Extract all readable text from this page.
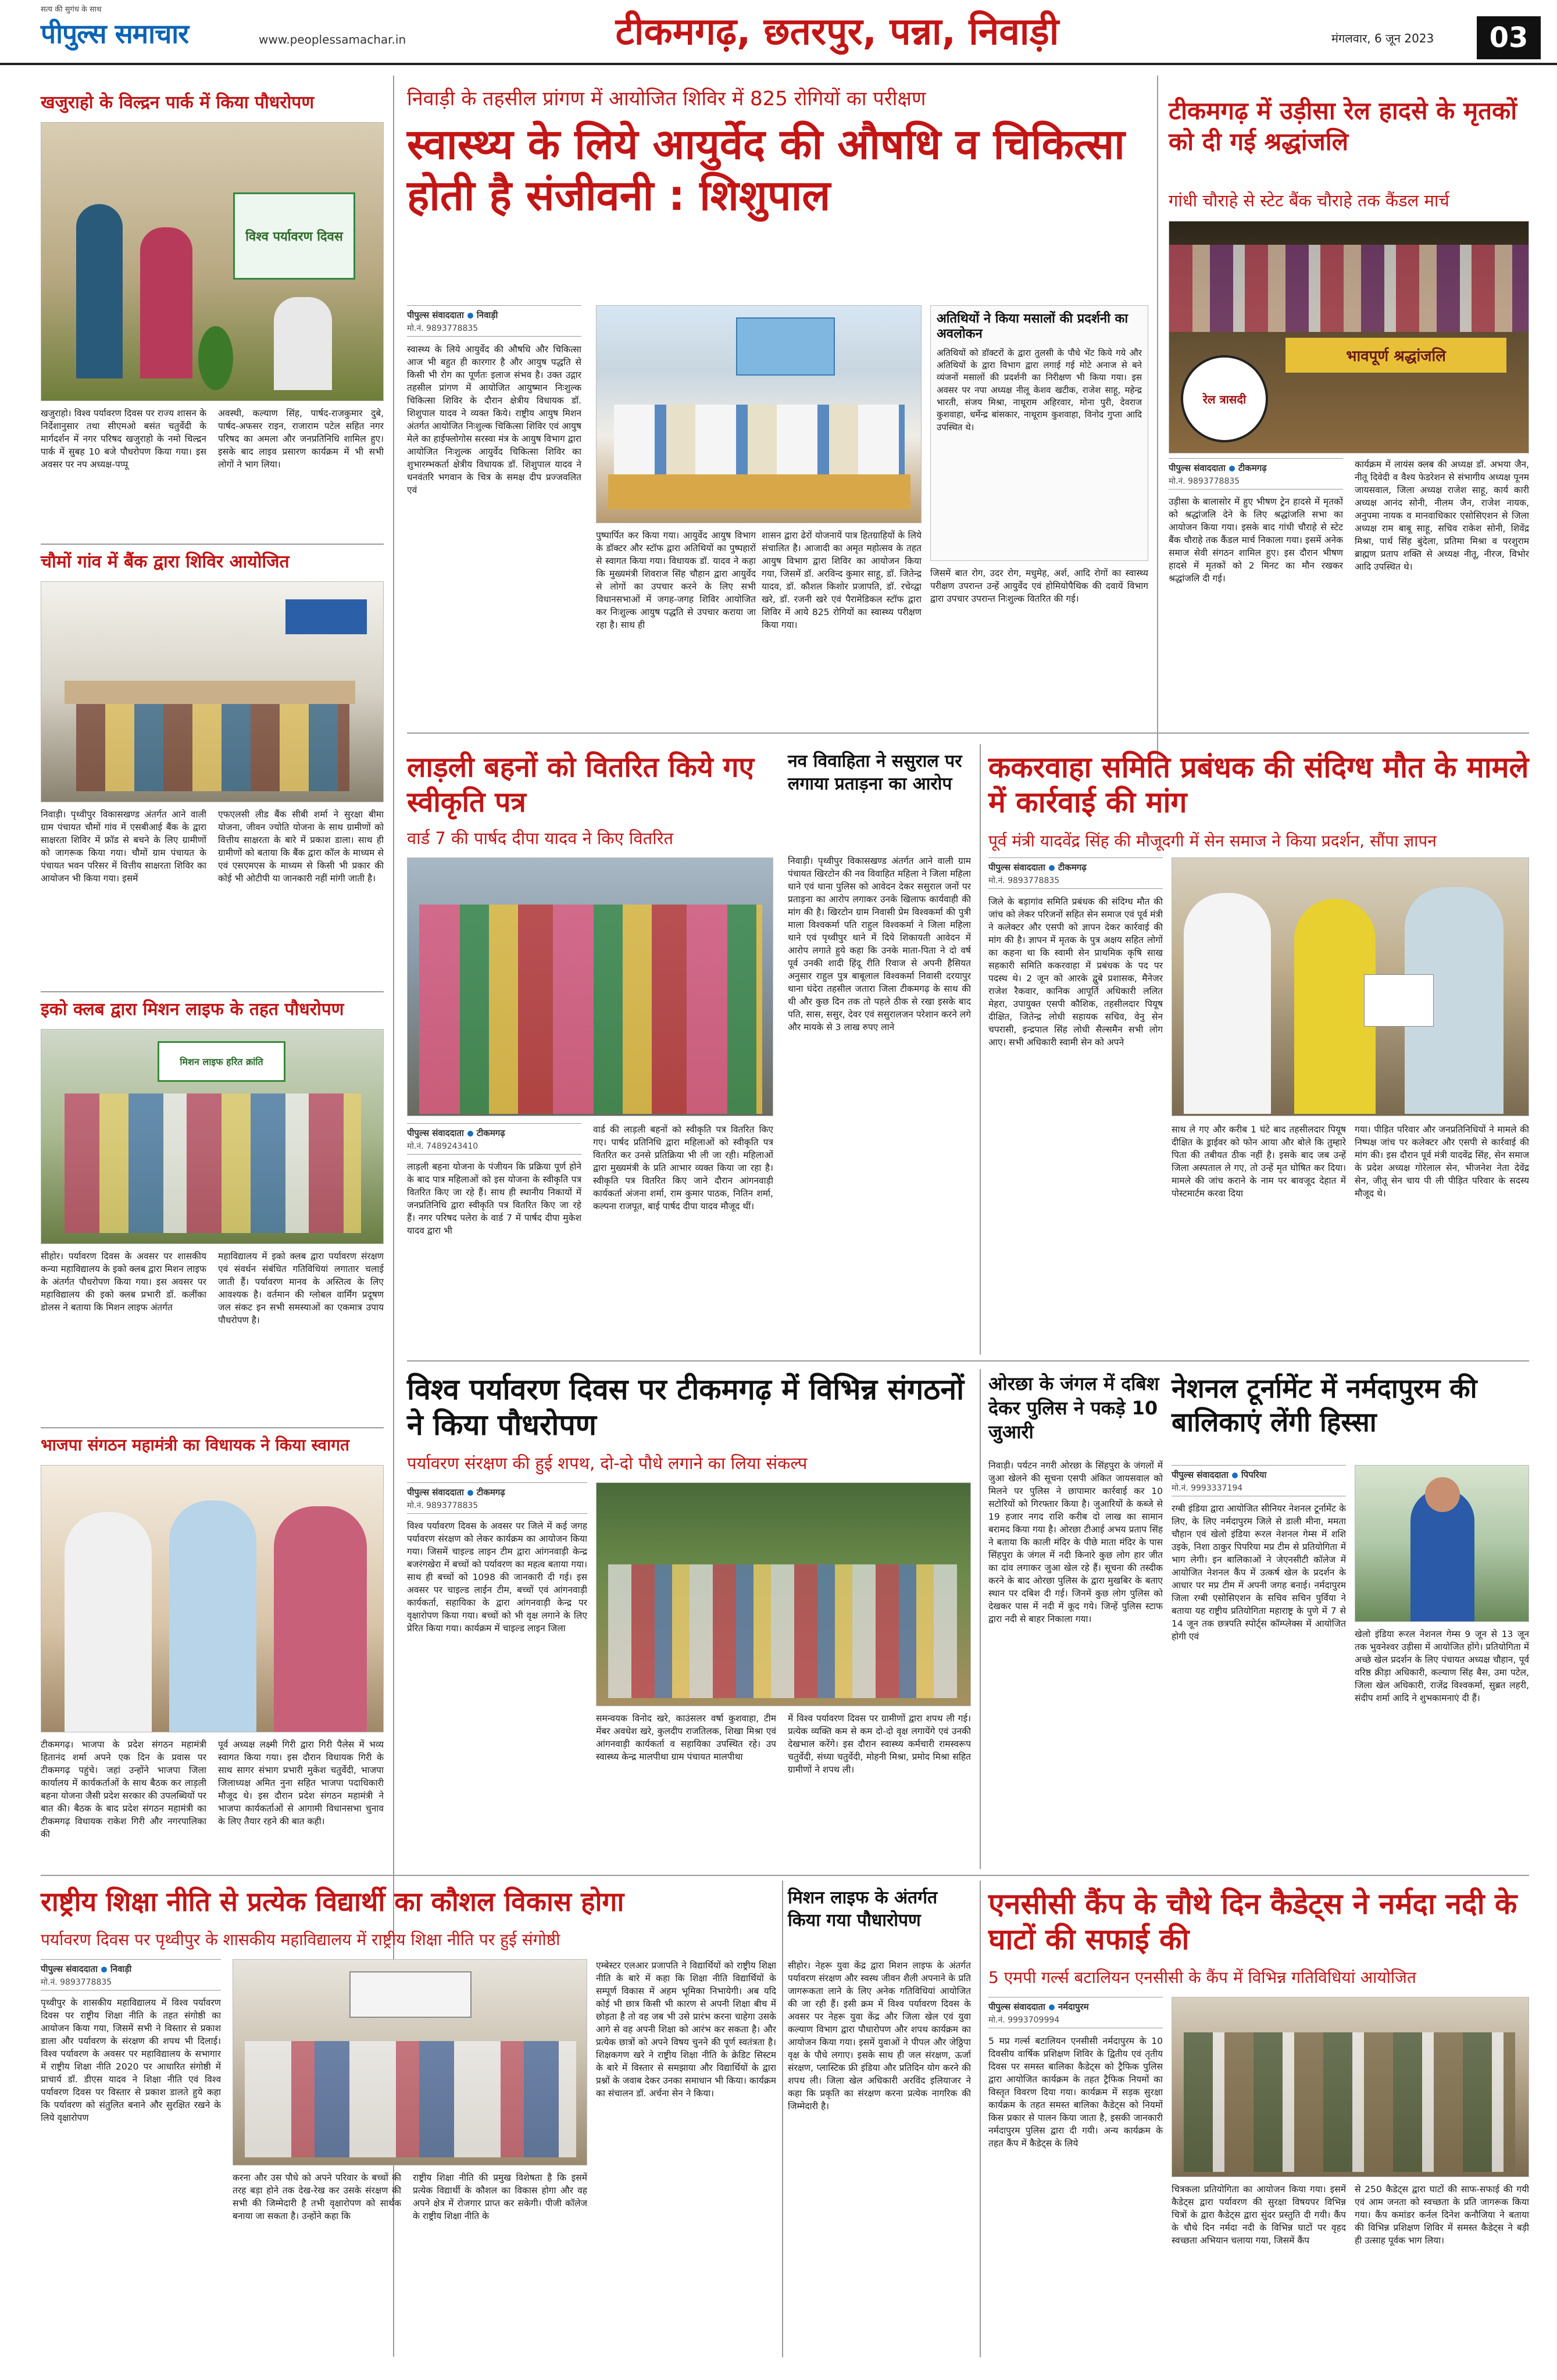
सत्य की सुगंध के साथ
पीपुल्स समाचार	www.peoplessamachar.in	टीकमगढ़, छतरपुर, पन्ना, निवाड़ी	मंगलवार, 6 जून 2023	03
खजुराहो के विल्द्रन पार्क में किया पौधरोपण
विश्व पर्यावरण दिवस
खजुराहो। विश्व पर्यावरण दिवस पर राज्य शासन के निर्देशानुसार तथा सीएमओ बसंत चतुर्वेदी के मार्गदर्शन में नगर परिषद खजुराहो के नमो चिल्द्रन पार्क में सुबह 10 बजे पौधरोपण किया गया। इस अवसर पर नप अध्यक्ष-पप्पू
अवस्थी, कल्याण सिंह, पार्षद-राजकुमार दुबे, पार्षद-अफसर राइन, राजाराम पटेल सहित नगर परिषद का अमला और जनप्रतिनिधि शामिल हुए। इसके बाद लाइव प्रसारण कार्यक्रम में भी सभी लोगों ने भाग लिया।
चौमों गांव में बैंक द्वारा शिविर आयोजित
निवाड़ी। पृथ्वीपुर विकासखण्ड अंतर्गत आने वाली ग्राम पंचायत चौमों गांव में एसबीआई बैंक के द्वारा साक्षरता शिविर में फ्रॉड से बचने के लिए ग्रामीणों को जागरूक किया गया। चौमों ग्राम पंचायत के पंचायत भवन परिसर में वित्तीय साक्षरता शिविर का आयोजन भी किया गया। इसमें
एफएलसी लीड बैंक सीबी शर्मा ने सुरक्षा बीमा योजना, जीवन ज्योति योजना के साथ ग्रामीणों को वित्तीय साक्षरता के बारे में प्रकाश डाला। साथ ही ग्रामीणों को बताया कि बैंक द्वारा कॉल के माध्यम से एवं एसएमएस के माध्यम से किसी भी प्रकार की कोई भी ओटीपी या जानकारी नहीं मांगी जाती है।
इको क्लब द्वारा मिशन लाइफ के तहत पौधरोपण
मिशन लाइफ हरित क्रांति
सीहोर। पर्यावरण दिवस के अवसर पर शासकीय कन्या महाविद्यालय के इको क्लब द्वारा मिशन लाइफ के अंतर्गत पौधरोपण किया गया। इस अवसर पर महाविद्यालय की इको क्लब प्रभारी डॉ. कलींका डोलस ने बताया कि मिशन लाइफ अंतर्गत
महाविद्यालय में इको क्लब द्वारा पर्यावरण संरक्षण एवं संवर्धन संबंधित गतिविधियां लगातार चलाई जाती हैं। पर्यावरण मानव के अस्तित्व के लिए आवश्यक है। वर्तमान की ग्लोबल वार्मिंग प्रदूषण जल संकट इन सभी समस्याओं का एकमात्र उपाय पौधरोपण है।
भाजपा संगठन महामंत्री का विधायक ने किया स्वागत
टीकमगढ़। भाजपा के प्रदेश संगठन महामंत्री हितानंद शर्मा अपने एक दिन के प्रवास पर टीकमगढ़ पहुंचे। जहां उन्होंने भाजपा जिला कार्यालय में कार्यकर्ताओं के साथ बैठक कर लाड़ली बहना योजना जैसी प्रदेश सरकार की उपलब्धियों पर बात की। बैठक के बाद प्रदेश संगठन महामंत्री का टीकमगढ़ विधायक राकेश गिरी और नगरपालिका की
पूर्व अध्यक्ष लक्ष्मी गिरी द्वारा गिरी पैलेस में भव्य स्वागत किया गया। इस दौरान विधायक गिरी के साथ सागर संभाग प्रभारी मुकेश चतुर्वेदी, भाजपा जिलाध्यक्ष अमित नुना सहित भाजपा पदाधिकारी मौजूद थे। इस दौरान प्रदेश संगठन महामंत्री ने भाजपा कार्यकर्ताओं से आगामी विधानसभा चुनाव के लिए तैयार रहने की बात कही।
निवाड़ी के तहसील प्रांगण में आयोजित शिविर में 825 रोगियों का परीक्षण
स्वास्थ्य के लिये आयुर्वेद की औषधि व चिकित्सा होती है संजीवनी : शिशुपाल
पीपुल्स संवाददाता निवाड़ी
मो.नं. 9893778835
स्वास्थ्य के लिये आयुर्वेद की औषधि और चिकित्सा आज भी बहुत ही कारगार है और आयुष पद्धति से किसी भी रोग का पूर्णतः इलाज संभव है। उक्त उद्गार तहसील प्रांगण में आयोजित आयुष्मान निःशुल्क चिकित्सा शिविर के दौरान क्षेत्रीय विधायक डॉ. शिशुपाल यादव ने व्यक्त किये। राष्ट्रीय आयुष मिशन अंतर्गत आयोजित निःशुल्क चिकित्सा शिविर एवं आयुष मेले का हाईफ्लोगोस सरस्वा मंत्र के आयुष विभाग द्वारा आयोजित निःशुल्क आयुर्वेद चिकित्सा शिविर का शुभारम्भकर्ता क्षेत्रीय विधायक डॉ. शिशुपाल यादव ने धनवंतरि भगवान के चित्र के समक्ष दीप प्रज्जवलित एवं
पुष्पार्पित कर किया गया। आयुर्वेद आयुष विभाग के डॉक्टर और स्टॉफ द्वारा अतिथियों का पुष्पहारों से स्वागत किया गया। विधायक डॉ. यादव ने कहा कि मुख्यमंत्री शिवराज सिंह चौहान द्वारा आयुर्वेद से लोगों का उपचार करने के लिए सभी विधानसभाओं में जगह-जगह शिविर आयोजित कर निःशुल्क आयुष पद्धति से उपचार कराया जा रहा है। साथ ही
शासन द्वारा ढेरों योजनायें पात्र हितग्राहियों के लिये संचालित है। आजादी का अमृत महोत्सव के तहत आयुष विभाग द्वारा शिविर का आयोजन किया गया, जिसमें डॉ. अरविन्द कुमार साहू, डॉ. जितेन्द्र यादव, डॉ. कौशल किशोर प्रजापति, डॉ. रचेव्द्वा खरे, डॉ. रजनी खरे एवं पैरामेडिकल स्टॉफ द्वारा शिविर में आये 825 रोगियों का स्वास्थ्य परीक्षण किया गया।
अतिथियों ने किया मसालों की प्रदर्शनी का अवलोकन
अतिथियों को डॉक्टरों के द्वारा तुलसी के पौधे भेंट किये गये और अतिथियों के द्वारा विभाग द्वारा लगाई गई मोटे अनाज से बने व्यंजनों मसालों की प्रदर्शनी का निरीक्षण भी किया गया। इस अवसर पर नपा अध्यक्ष नीलू केशव खटीक, राजेश साहू, महेन्द्र भारती, संजय मिश्रा, नाथूराम अहिरवार, मोना पुरी, देवराज कुशवाहा, धर्मेन्द्र बांसकार, नाथूराम कुशवाहा, विनोद गुप्ता आदि उपस्थित थे।
जिसमें बात रोग, उदर रोग, मधुमेह, अर्श, आदि रोगों का स्वास्थ्य परीक्षण उपरान्त उन्हें आयुर्वेद एवं होमियोपैथिक की दवायें विभाग द्वारा उपचार उपरान्त निःशुल्क वितरित की गई।
टीकमगढ़ में उड़ीसा रेल हादसे के मृतकों को दी गई श्रद्धांजलि
गांधी चौराहे से स्टेट बैंक चौराहे तक कैंडल मार्च
भावपूर्ण श्रद्धांजलि
रेल त्रासदी
पीपुल्स संवाददाता टीकमगढ़
मो.नं. 9893778835
उड़ीसा के बालासोर में हुए भीषण ट्रेन हादसे में मृतकों को श्रद्धांजलि देने के लिए श्रद्धांजलि सभा का आयोजन किया गया। इसके बाद गांधी चौराहे से स्टेट बैंक चौराहे तक कैंडल मार्च निकाला गया। इसमें अनेक समाज सेवी संगठन शामिल हुए। इस दौरान भीषण हादसे में मृतकों को 2 मिनट का मौन रखकर श्रद्धांजलि दी गई।
कार्यक्रम में लायंस क्लब की अध्यक्ष डॉ. अभया जैन, नीतू दिवेदी व वैश्य फेडरेशन से संभागीय अध्यक्ष पूनम जायसवाल, जिला अध्यक्ष राजेश साहू, कार्य कारी अध्यक्ष आनंद सोनी, नीलम जैन, राजेश नायक, अनुपमा नायक व मानवाधिकार एसोसिएशन से जिला अध्यक्ष राम बाबू साहू, सचिव राकेश सोनी, शिवेंद्र मिश्रा, पार्थ सिंह बुंदेला, प्रतिमा मिश्रा व परशुराम ब्राह्मण प्रताप शक्ति से अध्यक्ष नीतू, नीरज, विभोर आदि उपस्थित थे।
लाड़ली बहनों को वितरित किये गए स्वीकृति पत्र
वार्ड 7 की पार्षद दीपा यादव ने किए वितरित
पीपुल्स संवाददाता टीकमगढ़
मो.नं. 7489243410
लाड़ली बहना योजना के पंजीयन कि प्रक्रिया पूर्ण होने के बाद पात्र महिलाओं को इस योजना के स्वीकृति पत्र वितरित किए जा रहे हैं। साथ ही स्थानीय निकायों में जनप्रतिनिधि द्वारा स्वीकृति पत्र वितरित किए जा रहे हैं। नगर परिषद पलेरा के वार्ड 7 में पार्षद दीपा मुकेश यादव द्वारा भी
वार्ड की लाड़ली बहनों को स्वीकृति पत्र वितरित किए गए। पार्षद प्रतिनिधि द्वारा महिलाओं को स्वीकृति पत्र वितरित कर उनसे प्रतिक्रिया भी ली जा रही। महिलाओं द्वारा मुख्यमंत्री के प्रति आभार व्यक्त किया जा रहा है। स्वीकृति पत्र वितरित किए जाने दौरान आंगनवाड़ी कार्यकर्ता अंजना शर्मा, राम कुमार पाठक, नितिन शर्मा, कल्पना राजपूत, बाई पार्षद दीपा यादव मौजूद थीं।
नव विवाहिता ने ससुराल पर लगाया प्रताड़ना का आरोप
निवाड़ी। पृथ्वीपुर विकासखण्ड अंतर्गत आने वाली ग्राम पंचायत खिरटोन की नव विवाहित महिला ने जिला महिला थाने एवं थाना पुलिस को आवेदन देकर ससुराल जनों पर प्रताड़ना का आरोप लगाकर उनके खिलाफ कार्यवाही की मांग की है। खिरटोन ग्राम निवासी प्रेम विश्वकर्मा की पुत्री माला विश्वकर्मा पति राहुल विश्वकर्मा ने जिला महिला थाने एवं पृथ्वीपुर थाने में दिये शिकायती आवेदन में आरोप लगाते हुये कहा कि उनके माता-पिता ने दो वर्ष पूर्व उनकी शादी हिंदू रीति रिवाज से अपनी हैसियत अनुसार राहुल पुत्र बाबूलाल विश्वकर्मा निवासी दरयापुर थाना घंदेरा तहसील जतारा जिला टीकमगढ़ के साथ की थी और कुछ दिन तक तो पहले ठीक से रखा इसके बाद पति, सास, ससुर, देवर एवं ससुरालजन परेशान करने लगे और मायके से 3 लाख रुपए लाने
ककरवाहा समिति प्रबंधक की संदिग्ध मौत के मामले में कार्रवाई की मांग
पूर्व मंत्री यादवेंद्र सिंह की मौजूदगी में सेन समाज ने किया प्रदर्शन, सौंपा ज्ञापन
पीपुल्स संवाददाता टीकमगढ़
मो.नं. 9893778835
जिले के बड़ागांव समिति प्रबंधक की संदिग्ध मौत की जांच को लेकर परिजनों सहित सेन समाज एवं पूर्व मंत्री ने कलेक्टर और एसपी को ज्ञापन देकर कार्रवाई की मांग की है। ज्ञापन में मृतक के पुत्र अक्षय सहित लोगों का कहना था कि स्वामी सेन प्राथमिक कृषि साख सहकारी समिति ककरवाहा में प्रबंधक के पद पर पदस्थ थे। 2 जून को आरके द्वुबे प्रशासक, मैनेजर राजेश रैकवार, कानिक आपूर्ति अधिकारी ललित मेहरा, उपायुक्त एसपी कौशिक, तहसीलदार पियूष दीक्षित, जितेन्द्र लोधी सहायक सचिव, वेनु सेन चपरासी, इन्द्रपाल सिंह लोधी सैल्समैन सभी लोग आए। सभी अधिकारी स्वामी सेन को अपने
साथ ले गए और करीब 1 घंटे बाद तहसीलदार पियूष दीक्षित के ड्राईवर को फोन आया और बोले कि तुम्हारे पिता की तबीयत ठीक नहीं है। इसके बाद जब उन्हें जिला अस्पताल ले गए, तो उन्हें मृत घोषित कर दिया। मामले की जांच कराने के नाम पर बावजूद देहात में पोस्टमार्टम करवा दिया
गया। पीड़ित परिवार और जनप्रतिनिधियों ने मामले की निष्पक्ष जांच पर कलेक्टर और एसपी से कार्रवाई की मांग की। इस दौरान पूर्व मंत्री यादवेंद्र सिंह, सेन समाज के प्रदेश अध्यक्ष गोरेलाल सेन, भीजनेश नेता देवेंद्र सेन, जीतू सेन चाय पी ली पीड़ित परिवार के सदस्य मौजूद थे।
विश्व पर्यावरण दिवस पर टीकमगढ़ में विभिन्न संगठनों ने किया पौधरोपण
पर्यावरण संरक्षण की हुई शपथ, दो-दो पौधे लगाने का लिया संकल्प
पीपुल्स संवाददाता टीकमगढ़
मो.नं. 9893778835
विश्व पर्यावरण दिवस के अवसर पर जिले में कई जगह पर्यावरण संरक्षण को लेकर कार्यक्रम का आयोजन किया गया। जिसमें चाइल्ड लाइन टीम द्वारा आंगनवाड़ी केन्द्र बजरंगखेरा में बच्चों को पर्यावरण का महत्व बताया गया। साथ ही बच्चों को 1098 की जानकारी दी गई। इस अवसर पर चाइल्ड लाईन टीम, बच्चों एवं आंगनवाड़ी कार्यकर्ता, सहायिका के द्वारा आंगनवाड़ी केन्द्र पर वृक्षारोपण किया गया। बच्चों को भी वृक्ष लगाने के लिए प्रेरित किया गया। कार्यक्रम में चाइल्ड लाइन जिला
समन्वयक विनोद खरे, काउंसलर वर्षा कुशवाहा, टीम मेंबर अवधेश खरे, कुलदीप राजतिलक, शिखा मिश्रा एवं आंगनवाड़ी कार्यकर्ता व सहायिका उपस्थित रहे। उप स्वास्थ्य केन्द्र मालपीथा ग्राम पंचायत मालपीथा
में विश्व पर्यावरण दिवस पर ग्रामीणों द्वारा शपथ ली गई। प्रत्येक व्यक्ति कम से कम दो-दो वृक्ष लगायेंगे एवं उनकी देखभाल करेंगे। इस दौरान स्वास्थ्य कर्मचारी रामस्वरूप चतुर्वेदी, संध्या चतुर्वेदी, मोहनी मिश्रा, प्रमोद मिश्रा सहित ग्रामीणों ने शपथ ली।
ओरछा के जंगल में दबिश देकर पुलिस ने पकड़े 10 जुआरी
निवाड़ी। पर्यटन नगरी ओरछा के सिंहपुरा के जंगलों में जुआ खेलने की सूचना एसपी अंकित जायसवाल को मिलने पर पुलिस ने छापामार कार्रवाई कर 10 सटोरियों को गिरफ्तार किया है। जुआरियों के कब्जे से 19 हजार नगद राशि करीब दो लाख का सामान बरामद किया गया है। ओरछा टीआई अभय प्रताप सिंह ने बताया कि काली मंदिर के पीछे माता मंदिर के पास सिंहपुरा के जंगल में नदी किनारे कुछ लोग हार जीत का दांव लगाकर जुआ खेल रहे हैं। सूचना की तस्दीक करने के बाद ओरछा पुलिस के द्वारा मुखबिर के बताए स्थान पर दबिश दी गई। जिनमें कुछ लोग पुलिस को देखकर पास में नदी में कूद गये। जिन्हें पुलिस स्टाफ द्वारा नदी से बाहर निकाला गया।
नेशनल टूर्नामेंट में नर्मदापुरम की बालिकाएं लेंगी हिस्सा
पीपुल्स संवाददाता पिपरिया
मो.नं. 9993337194
रग्बी इंडिया द्वारा आयोजित सीनियर नेशनल टूर्नामेंट के लिए, के लिए नर्मदापुरम जिले से डाली मीना, ममता चौहान एवं खेलो इंडिया रूरल नेशनल गेम्स में शशि उइके, निशा ठाकुर पिपरिया मप्र टीम से प्रतियोगिता में भाग लेगी। इन बालिकाओं ने जेएनसीटी कॉलेज में आयोजित नेशनल कैंप में उत्कर्ष खेल के प्रदर्शन के आधार पर मप्र टीम में अपनी जगह बनाई। नर्मदापुरम जिला रग्बी एसोसिएशन के सचिव सचिन पुर्विया ने बताया यह राष्ट्रीय प्रतियोगिता महाराष्ट्र के पुणे में 7 से 14 जून तक छत्रपति स्पोर्ट्स कॉम्प्लेक्स में आयोजित होगी एवं	खेलो इंडिया रूरल नेशनल गेम्स 9 जून से 13 जून तक भुवनेश्वर उड़ीसा में आयोजित होंगे। प्रतियोगिता में अच्छे खेल प्रदर्शन के लिए पंचायत अध्यक्ष चौहान, पूर्व वरिष्ठ क्रीड़ा अधिकारी, कल्याण सिंह बैस, उमा पटेल, जिला खेल अधिकारी, राजेंद्र विश्वकर्मा, सुब्रत लहरी, संदीप शर्मा आदि ने शुभकामनाएं दी हैं।
राष्ट्रीय शिक्षा नीति से प्रत्येक विद्यार्थी का कौशल विकास होगा
पर्यावरण दिवस पर पृथ्वीपुर के शासकीय महाविद्यालय में राष्ट्रीय शिक्षा नीति पर हुई संगोष्ठी
पीपुल्स संवाददाता निवाड़ी
मो.नं. 9893778835
पृथ्वीपुर के शासकीय महाविद्यालय में विश्व पर्यावरण दिवस पर राष्ट्रीय शिक्षा नीति के तहत संगोष्ठी का आयोजन किया गया, जिसमें सभी ने विस्तार से प्रकाश डाला और पर्यावरण के संरक्षण की शपथ भी दिलाई। विश्व पर्यावरण के अवसर पर महाविद्यालय के सभागार में राष्ट्रीय शिक्षा नीति 2020 पर आधारित संगोष्ठी में प्राचार्य डॉ. डीएस यादव ने शिक्षा नीति एवं विश्व पर्यावरण दिवस पर विस्तार से प्रकाश डालते हुये कहा कि पर्यावरण को संतुलित बनाने और सुरक्षित रखने के लिये वृक्षारोपण
करना और उस पौधे को अपने परिवार के बच्चों की तरह बड़ा होने तक देख-रेख कर उसके संरक्षण की सभी की जिम्मेदारी है तभी वृक्षारोपण को सार्थक बनाया जा सकता है। उन्होंने कहा कि
राष्ट्रीय शिक्षा नीति की प्रमुख विशेषता है कि इसमें प्रत्येक विद्यार्थी के कौशल का विकास होगा और वह अपने क्षेत्र में रोजगार प्राप्त कर सकेगी। पीजी कॉलेज के राष्ट्रीय शिक्षा नीति के
एम्बेस्टर एलआर प्रजापति ने विद्यार्थियों को राष्ट्रीय शिक्षा नीति के बारे में कहा कि शिक्षा नीति विद्यार्थियों के सम्पूर्ण विकास में अहम भूमिका निभायेगी। अब यदि कोई भी छात्र किसी भी कारण से अपनी शिक्षा बीच में छोड़ता है तो वह जब भी उसे प्रारंभ करना चाहेगा उसके आगे से वह अपनी शिक्षा को आरंभ कर सकता है। और प्रत्येक छात्रों को अपने विषय चुनने की पूर्ण स्वतंत्रता है। शिक्षकगण खरे ने राष्ट्रीय शिक्षा नीति के क्रेडिट सिस्टम के बारे में विस्तार से समझाया और विद्यार्थियों के द्वारा प्रश्नों के जवाब देकर उनका समाधान भी किया। कार्यक्रम का संचालन डॉ. अर्चना सेन ने किया।
मिशन लाइफ के अंतर्गत किया गया पौधारोपण
सीहोर। नेहरू युवा केंद्र द्वारा मिशन लाइफ के अंतर्गत पर्यावरण संरक्षण और स्वस्थ जीवन शैली अपनाने के प्रति जागरूकता लाने के लिए अनेक गतिविधियां आयोजित की जा रही हैं। इसी क्रम में विश्व पर्यावरण दिवस के अवसर पर नेहरू युवा केंद्र और जिला खेल एवं युवा कल्याण विभाग द्वारा पौधारोपण और शपथ कार्यक्रम का आयोजन किया गया। इसमें युवाओं ने पीपल और जेठ्ठिपा वृक्ष के पौधे लगाए। इसके साथ ही जल संरक्षण, ऊर्जा संरक्षण, प्लास्टिक फ्री इंडिया और प्रतिदिन योग करने की शपथ ली। जिला खेल अधिकारी अरविंद इलियाजर ने कहा कि प्रकृति का संरक्षण करना प्रत्येक नागरिक की जिम्मेदारी है।
एनसीसी कैंप के चौथे दिन कैडेट्स ने नर्मदा नदी के घाटों की सफाई की
5 एमपी गर्ल्स बटालियन एनसीसी के कैंप में विभिन्न गतिविधियां आयोजित
पीपुल्स संवाददाता नर्मदापुरम
मो.नं. 9993709994
5 मप्र गर्ल्स बटालियन एनसीसी नर्मदापुरम के 10 दिवसीय वार्षिक प्रशिक्षण शिविर के द्वितीय एवं तृतीय दिवस पर समस्त बालिका कैडेट्स को ट्रैफिक पुलिस द्वारा आयोजित कार्यक्रम के तहत ट्रैफिक नियमों का विस्तृत विवरण दिया गया। कार्यक्रम में सड़क सुरक्षा कार्यक्रम के तहत समस्त बालिका कैडेट्स को नियमों किस प्रकार से पालन किया जाता है, इसकी जानकारी नर्मदापुरम पुलिस द्वारा दी गयी। अन्य कार्यक्रम के तहत कैंप में कैडेट्स के लिये
चित्रकला प्रतियोगिता का आयोजन किया गया। इसमें कैडेट्स द्वारा पर्यावरण की सुरक्षा विषयपर विभिन्न चित्रों के द्वारा कैडेट्स द्वारा सुंदर प्रस्तुति दी गयी। कैंप के चौथे दिन नर्मदा नदी के विभिन्न घाटों पर वृहद स्वच्छता अभियान चलाया गया, जिसमें कैंप
से 250 कैडेट्स द्वारा घाटों की साफ-सफाई की गयी एवं आम जनता को स्वच्छता के प्रति जागरूक किया गया। कैंप कमांडर कर्नल दिनेश कनौजिया ने बताया की विभिन्न प्रशिक्षण शिविर में समस्त कैडेट्स ने बड़ी ही उत्साह पूर्वक भाग लिया।
